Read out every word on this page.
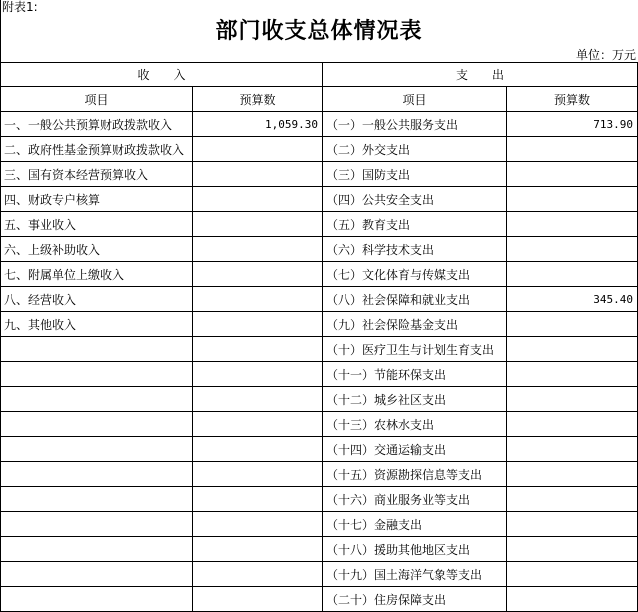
附表1:
部门收支总体情况表
单位：万元
收　　入		支　　出	
项目	预算数	项目	预算数
一、一般公共预算财政拨款收入	1,059.30	（一）一般公共服务支出	713.90
二、政府性基金预算财政拨款收入		（二）外交支出	
三、国有资本经营预算收入		（三）国防支出	
四、财政专户核算		（四）公共安全支出	
五、事业收入		（五）教育支出	
六、上级补助收入		（六）科学技术支出	
七、附属单位上缴收入		（七）文化体育与传媒支出	
八、经营收入		（八）社会保障和就业支出	345.40
九、其他收入		（九）社会保险基金支出	
		（十）医疗卫生与计划生育支出	
		（十一）节能环保支出	
		（十二）城乡社区支出	
		（十三）农林水支出	
		（十四）交通运输支出	
		（十五）资源勘探信息等支出	
		（十六）商业服务业等支出	
		（十七）金融支出	
		（十八）援助其他地区支出	
		（十九）国土海洋气象等支出	
		（二十）住房保障支出	
